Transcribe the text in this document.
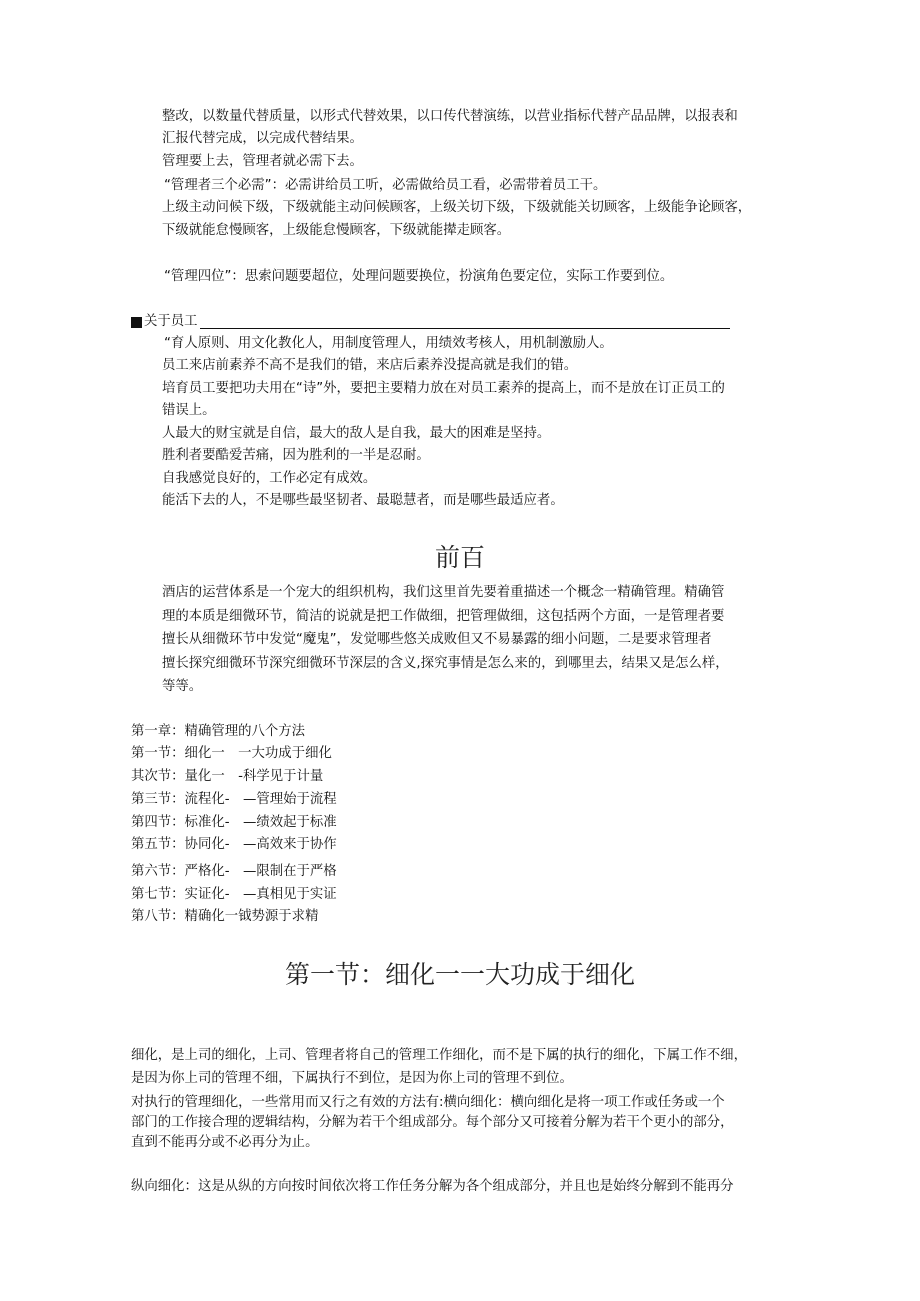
整改，以数量代替质量，以形式代替效果，以口传代替演练，以营业指标代替产品品牌，以报表和

汇报代替完成，以完成代替结果。

管理要上去，管理者就必需下去。

“管理者三个必需”：必需讲给员工听，必需做给员工看，必需带着员工干。

上级主动问候下级，下级就能主动问候顾客，上级关切下级，下级就能关切顾客，上级能争论顾客，

下级就能怠慢顾客，上级能怠慢顾客，下级就能撵走顾客。

“管理四位”：思索问题要超位，处理问题要换位，扮演角色要定位，实际工作要到位。

关于员工

“育人原则、用文化教化人，用制度管理人，用绩效考核人，用机制激励人。

员工来店前素养不高不是我们的错，来店后素养没提高就是我们的错。

培育员工要把功夫用在“诗”外，要把主要精力放在对员工素养的提高上，而不是放在订正员工的

错误上。

人最大的财宝就是自信，最大的敌人是自我，最大的困难是坚持。

胜利者要酷爱苦痛，因为胜利的一半是忍耐。

自我感觉良好的，工作必定有成效。

能活下去的人，不是哪些最坚韧者、最聪慧者，而是哪些最适应者。

前百

酒店的运营体系是一个宠大的组织机构，我们这里首先要着重描述一个概念一精确管理。精确管

理的本质是细微环节，简洁的说就是把工作做细，把管理做细，这包括两个方面，一是管理者要

擅长从细微环节中发觉“魔鬼”，发觉哪些悠关成败但又不易暴露的细小问题，二是要求管理者

擅长探究细微环节深究细微环节深层的含义,探究事情是怎么来的，到哪里去，结果又是怎么样，

等等。

第一章：精确管理的八个方法

第一节：细化一　一大功成于细化

其次节：量化一　-科学见于计量

第三节：流程化-　—管理始于流程

第四节：标准化-　—绩效起于标准

第五节：协同化-　—高效来于协作

第六节：严格化-　—限制在于严格

第七节：实证化-　—真相见于实证

第八节：精确化一钺势源于求精

第一节：细化一一大功成于细化

细化，是上司的细化，上司、管理者将自己的管理工作细化，而不是下属的执行的细化，下属工作不细，

是因为你上司的管理不细，下属执行不到位，是因为你上司的管理不到位。

对执行的管理细化，一些常用而又行之有效的方法有:横向细化：横向细化是将一项工作或任务或一个

部门的工作接合理的逻辑结构，分解为若干个组成部分。每个部分又可接着分解为若干个更小的部分，

直到不能再分或不必再分为止。

纵向细化：这是从纵的方向按时间依次将工作任务分解为各个组成部分，并且也是始终分解到不能再分
